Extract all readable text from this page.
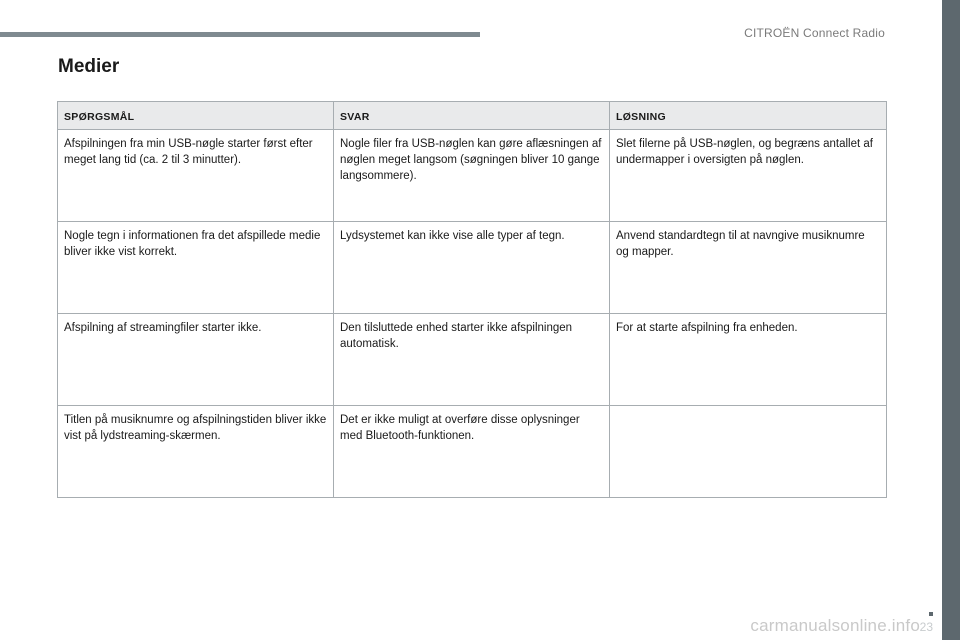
CITROËN Connect Radio
Medier
SPØRGSMÅL	SVAR	LØSNING
Afspilningen fra min USB-nøgle starter først efter meget lang tid (ca. 2 til 3 minutter).	Nogle filer fra USB-nøglen kan gøre aflæsningen af nøglen meget langsom (søgningen bliver 10 gange langsommere).	Slet filerne på USB-nøglen, og begræns antallet af undermapper i oversigten på nøglen.
Nogle tegn i informationen fra det afspillede medie bliver ikke vist korrekt.	Lydsystemet kan ikke vise alle typer af tegn.	Anvend standardtegn til at navngive musiknumre og mapper.
Afspilning af streamingfiler starter ikke.	Den tilsluttede enhed starter ikke afspilningen automatisk.	For at starte afspilning fra enheden.
Titlen på musiknumre og afspilningstiden bliver ikke vist på lydstreaming-skærmen.	Det er ikke muligt at overføre disse oplysninger med Bluetooth-funktionen.	
23
carmanualsonline.info
